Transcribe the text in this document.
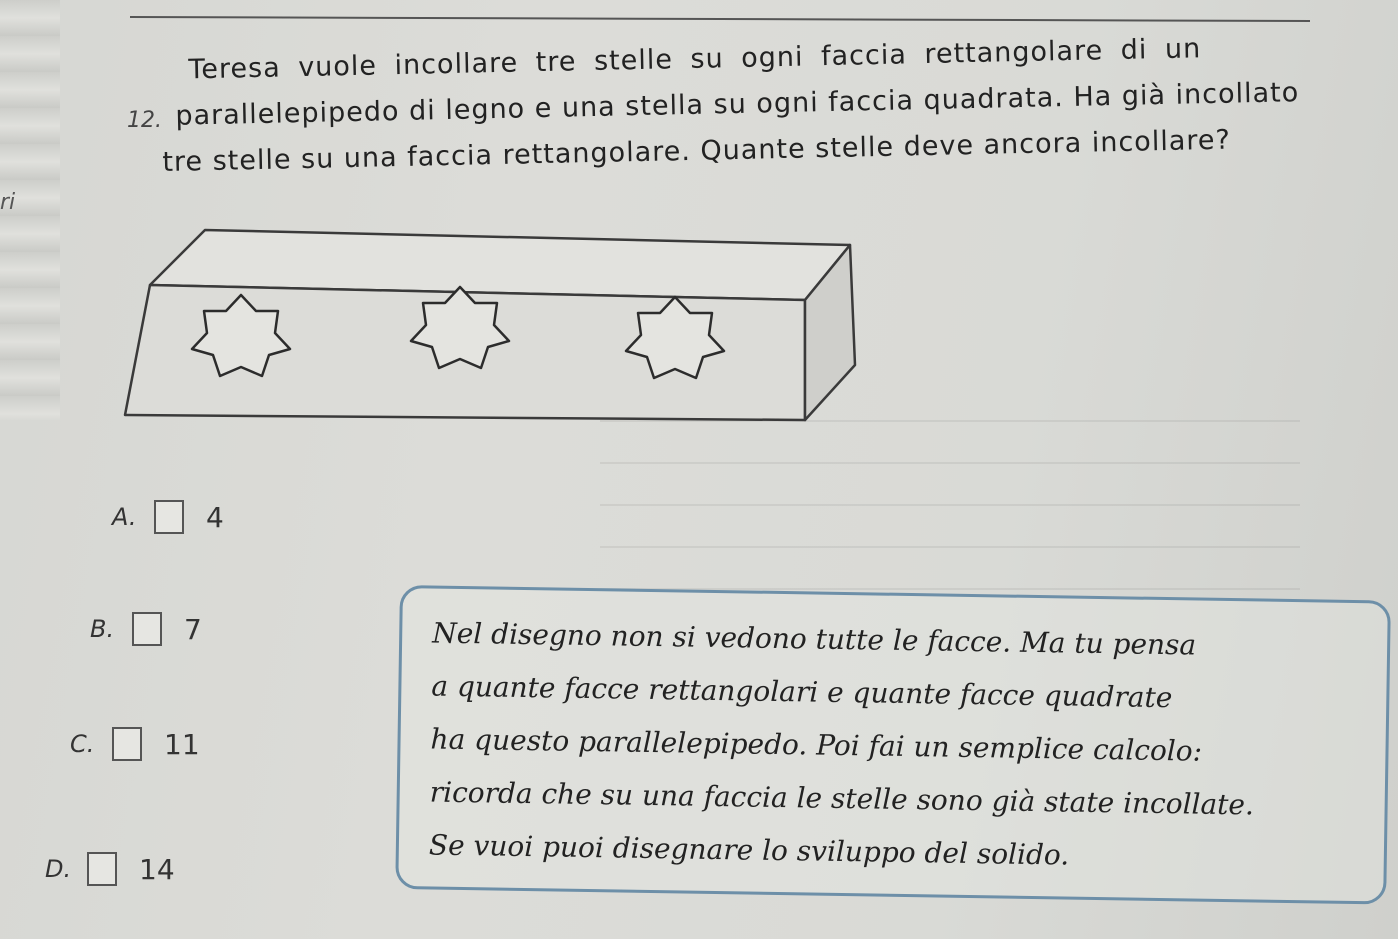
ri
12.
Teresa vuole incollare tre stelle su ogni faccia rettangolare di un
parallelepipedo di legno e una stella su ogni faccia quadrata. Ha già incollato
tre stelle su una faccia rettangolare. Quante stelle deve ancora incollare?
A.	4
B.	7
C.	11
D.	14
Nel disegno non si vedono tutte le facce. Ma tu pensa
a quante facce rettangolari e quante facce quadrate
ha questo parallelepipedo. Poi fai un semplice calcolo:
ricorda che su una faccia le stelle sono già state incollate.
Se vuoi puoi disegnare lo sviluppo del solido.
